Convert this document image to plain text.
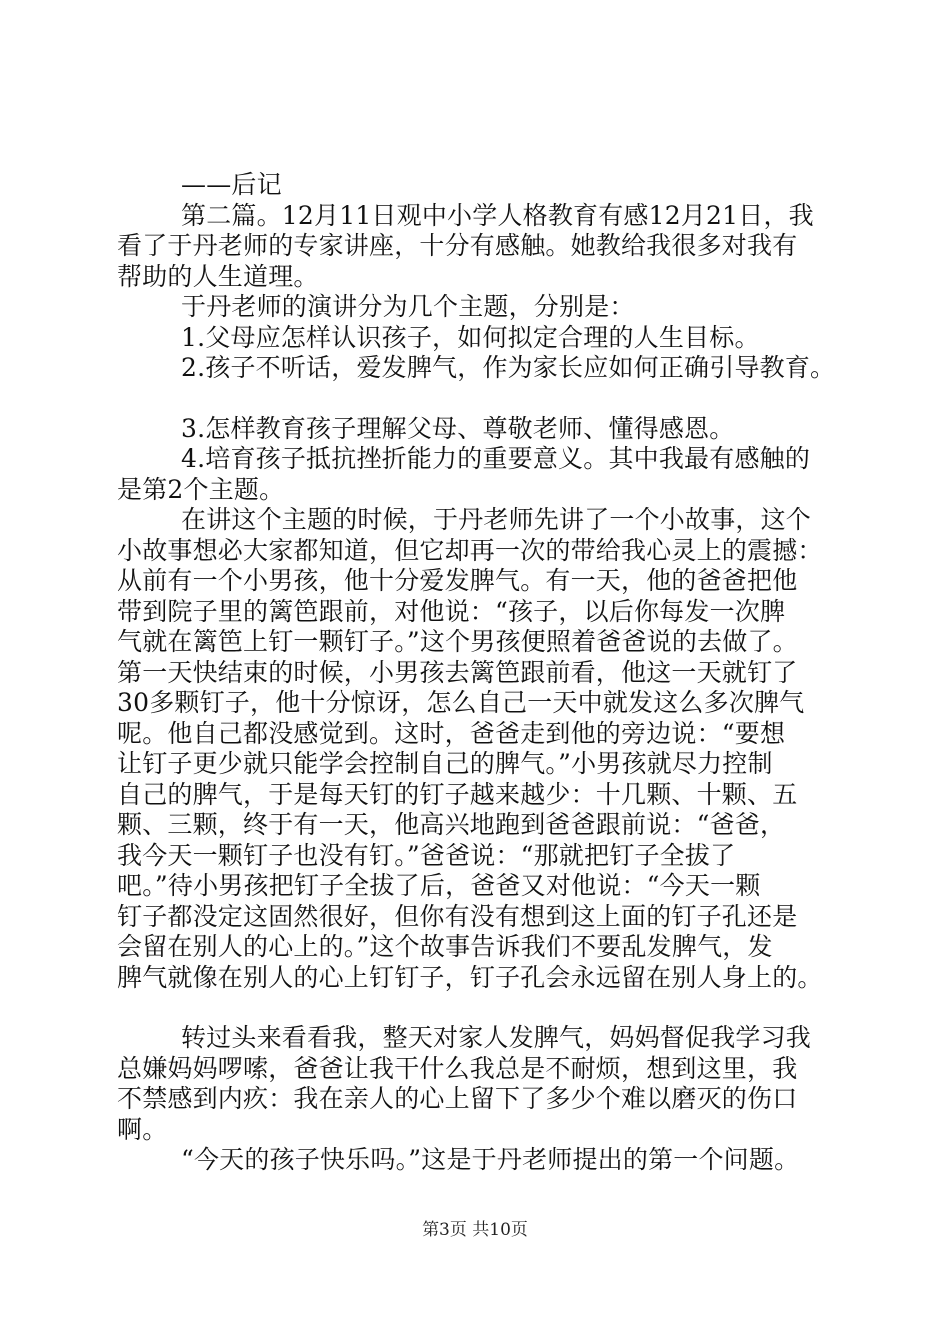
——后记
第二篇。12月11日观中小学人格教育有感12月21日，我
看了于丹老师的专家讲座，十分有感触。她教给我很多对我有
帮助的人生道理。
于丹老师的演讲分为几个主题，分别是：
1.父母应怎样认识孩子，如何拟定合理的人生目标。
2.孩子不听话，爱发脾气，作为家长应如何正确引导教育。
3.怎样教育孩子理解父母、尊敬老师、懂得感恩。
4.培育孩子抵抗挫折能力的重要意义。其中我最有感触的
是第2个主题。
在讲这个主题的时候，于丹老师先讲了一个小故事，这个
小故事想必大家都知道，但它却再一次的带给我心灵上的震撼：
从前有一个小男孩，他十分爱发脾气。有一天，他的爸爸把他
带到院子里的篱笆跟前，对他说：“孩子，以后你每发一次脾
气就在篱笆上钉一颗钉子。”这个男孩便照着爸爸说的去做了。
第一天快结束的时候，小男孩去篱笆跟前看，他这一天就钉了
30多颗钉子，他十分惊讶，怎么自己一天中就发这么多次脾气
呢。他自己都没感觉到。这时，爸爸走到他的旁边说：“要想
让钉子更少就只能学会控制自己的脾气。”小男孩就尽力控制
自己的脾气，于是每天钉的钉子越来越少：十几颗、十颗、五
颗、三颗，终于有一天，他高兴地跑到爸爸跟前说：“爸爸，
我今天一颗钉子也没有钉。”爸爸说：“那就把钉子全拔了
吧。”待小男孩把钉子全拔了后，爸爸又对他说：“今天一颗
钉子都没定这固然很好，但你有没有想到这上面的钉子孔还是
会留在别人的心上的。”这个故事告诉我们不要乱发脾气，发
脾气就像在别人的心上钉钉子，钉子孔会永远留在别人身上的。
转过头来看看我，整天对家人发脾气，妈妈督促我学习我
总嫌妈妈啰嗦，爸爸让我干什么我总是不耐烦，想到这里，我
不禁感到内疚：我在亲人的心上留下了多少个难以磨灭的伤口
啊。
“今天的孩子快乐吗。”这是于丹老师提出的第一个问题。
第3页 共10页
